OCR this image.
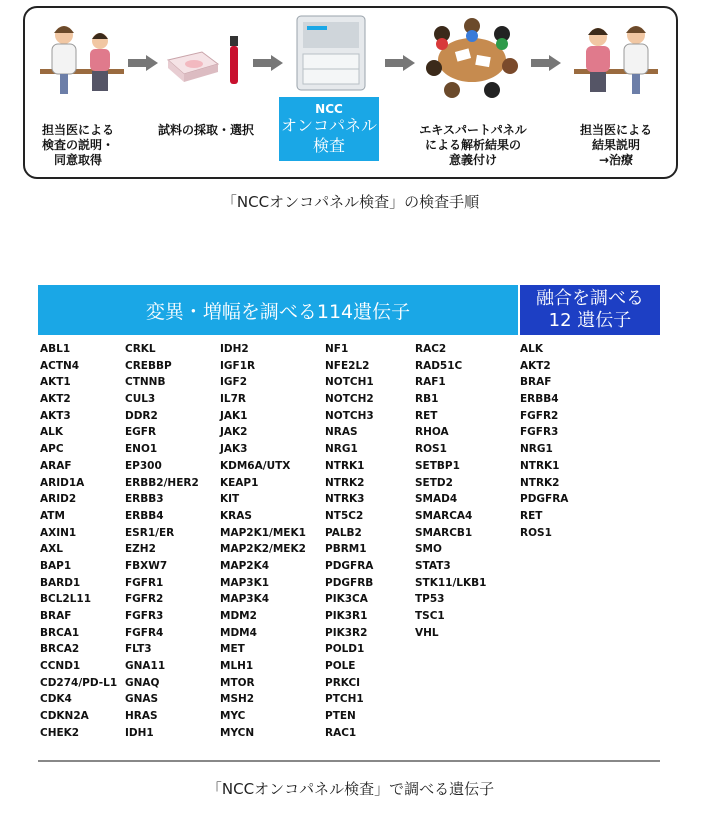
担当医による
検査の説明・
同意取得
試料の採取・選択
NCC
オンコパネル
検査
エキスパートパネル
による解析結果の
意義付け
担当医による
結果説明
→治療
「NCCオンコパネル検査」の検査手順
変異・増幅を調べる114遺伝子
融合を調べる
12 遺伝子
ABL1
ACTN4
AKT1
AKT2
AKT3
ALK
APC
ARAF
ARID1A
ARID2
ATM
AXIN1
AXL
BAP1
BARD1
BCL2L11
BRAF
BRCA1
BRCA2
CCND1
CD274/PD-L1
CDK4
CDKN2A
CHEK2
CRKL
CREBBP
CTNNB
CUL3
DDR2
EGFR
ENO1
EP300
ERBB2/HER2
ERBB3
ERBB4
ESR1/ER
EZH2
FBXW7
FGFR1
FGFR2
FGFR3
FGFR4
FLT3
GNA11
GNAQ
GNAS
HRAS
IDH1
IDH2
IGF1R
IGF2
IL7R
JAK1
JAK2
JAK3
KDM6A/UTX
KEAP1
KIT
KRAS
MAP2K1/MEK1
MAP2K2/MEK2
MAP2K4
MAP3K1
MAP3K4
MDM2
MDM4
MET
MLH1
MTOR
MSH2
MYC
MYCN
NF1
NFE2L2
NOTCH1
NOTCH2
NOTCH3
NRAS
NRG1
NTRK1
NTRK2
NTRK3
NT5C2
PALB2
PBRM1
PDGFRA
PDGFRB
PIK3CA
PIK3R1
PIK3R2
POLD1
POLE
PRKCI
PTCH1
PTEN
RAC1
RAC2
RAD51C
RAF1
RB1
RET
RHOA
ROS1
SETBP1
SETD2
SMAD4
SMARCA4
SMARCB1
SMO
STAT3
STK11/LKB1
TP53
TSC1
VHL
ALK
AKT2
BRAF
ERBB4
FGFR2
FGFR3
NRG1
NTRK1
NTRK2
PDGFRA
RET
ROS1
「NCCオンコパネル検査」で調べる遺伝子
